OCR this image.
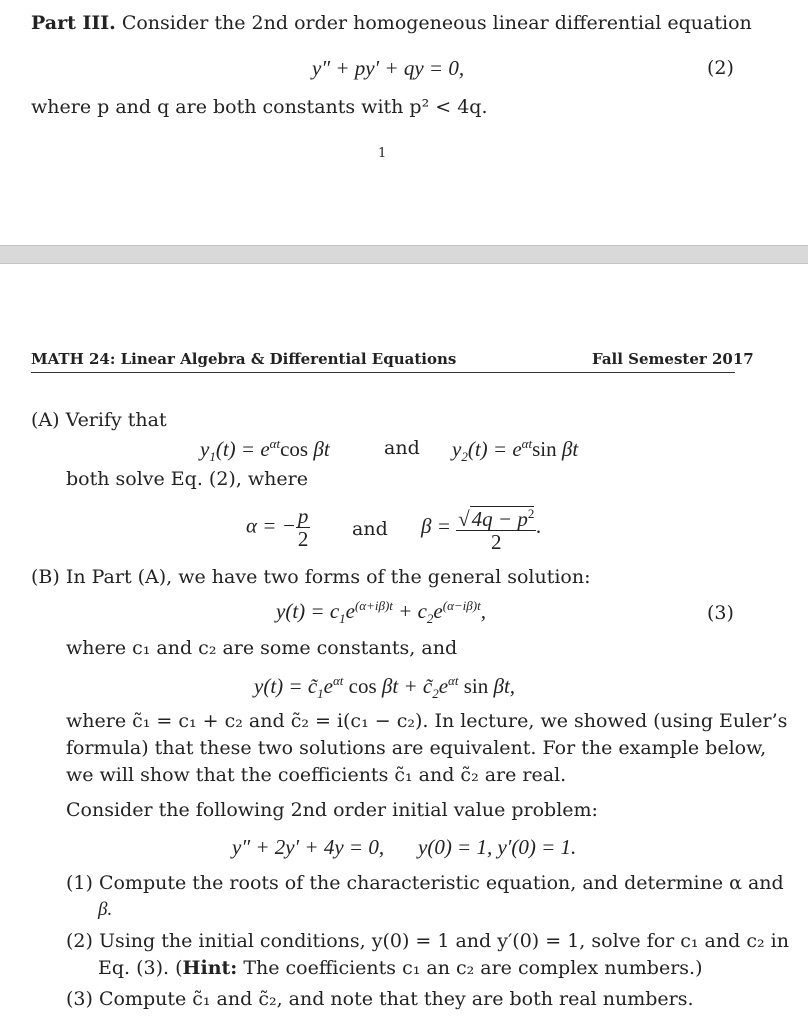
Part III. Consider the 2nd order homogeneous linear differential equation
y″ + py′ + qy = 0,	(2)
where p and q are both constants with p² < 4q.
1
MATH 24: Linear Algebra & Differential Equations	Fall Semester 2017
(A) Verify that
$y_1(t) = e^{\alpha t}\cos$ βt	and $y_2(t) = e^{\alpha t}\sin$ βt
both solve Eq. (2), where
α = − $\frac{p}{2}$ and $\beta = \frac{√4q - p^2}{2}$ .
(B) In Part (A), we have two forms of the general solution:
$y(t) = c_1e^{(\alpha+i\beta)t} + c_2e^{(\alpha-i\beta)t}$,	(3)
where c₁ and c₂ are some constants, and
$y(t) = c̃_1e^{\alpha t}$ $\cos \beta t + c̃_2e^{\alpha t}$ sin βt,
where c̃₁ = c₁ + c₂ and c̃₂ = i(c₁ − c₂). In lecture, we showed (using Euler’s
formula) that these two solutions are equivalent. For the example below,
we will show that the coefficients c̃₁ and c̃₂ are real.
Consider the following 2nd order initial value problem:
y″ + 2y′ + 4y = 0, y(0) = 1, y′(0) = 1.
(1) Compute the roots of the characteristic equation, and determine α and
β.
(2) Using the initial conditions, y(0) = 1 and y′(0) = 1, solve for c₁ and c₂ in
Eq. (3). (Hint: The coefficients c₁ an c₂ are complex numbers.)
(3) Compute c̃₁ and c̃₂, and note that they are both real numbers.
